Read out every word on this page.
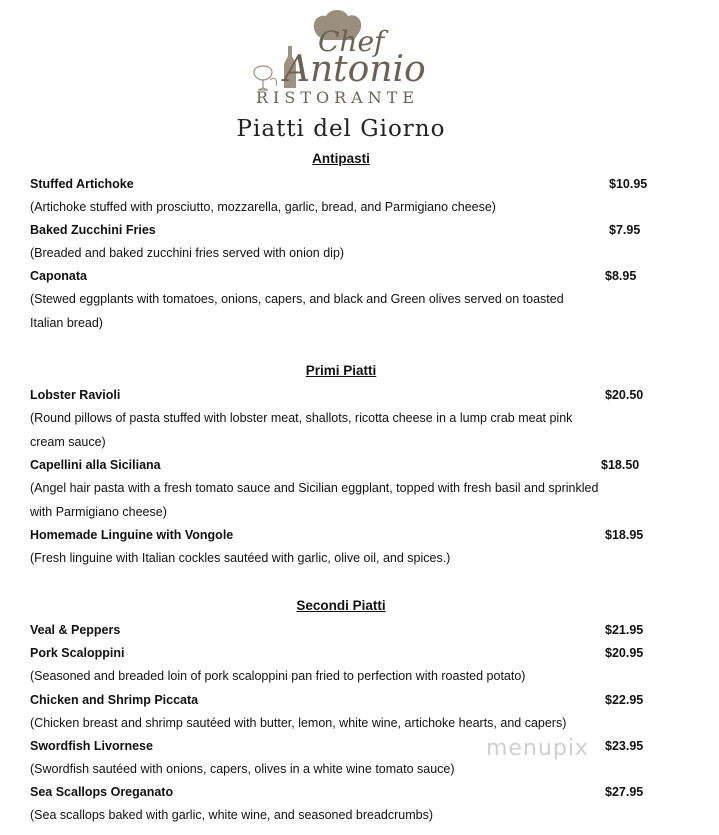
Chef
Antonio
RISTORANTE
Piatti del Giorno
Antipasti
Stuffed Artichoke	$10.95
(Artichoke stuffed with prosciutto, mozzarella, garlic, bread, and Parmigiano cheese)
Baked Zucchini Fries	$7.95
(Breaded and baked zucchini fries served with onion dip)
Caponata	$8.95
(Stewed eggplants with tomatoes, onions, capers, and black and Green olives served on toasted
Italian bread)
Primi Piatti
Lobster Ravioli	$20.50
(Round pillows of pasta stuffed with lobster meat, shallots, ricotta cheese in a lump crab meat pink
cream sauce)
Capellini alla Siciliana	$18.50
(Angel hair pasta with a fresh tomato sauce and Sicilian eggplant, topped with fresh basil and sprinkled
with Parmigiano cheese)
Homemade Linguine with Vongole	$18.95
(Fresh linguine with Italian cockles sautéed with garlic, olive oil, and spices.)
Secondi Piatti
Veal & Peppers	$21.95
Pork Scaloppini	$20.95
(Seasoned and breaded loin of pork scaloppini pan fried to perfection with roasted potato)
Chicken and Shrimp Piccata	$22.95
(Chicken breast and shrimp sautéed with butter, lemon, white wine, artichoke hearts, and capers)
Swordfish Livornese	$23.95
(Swordfish sautéed with onions, capers, olives in a white wine tomato sauce)
Sea Scallops Oreganato	$27.95
(Sea scallops baked with garlic, white wine, and seasoned breadcrumbs)
menupix
